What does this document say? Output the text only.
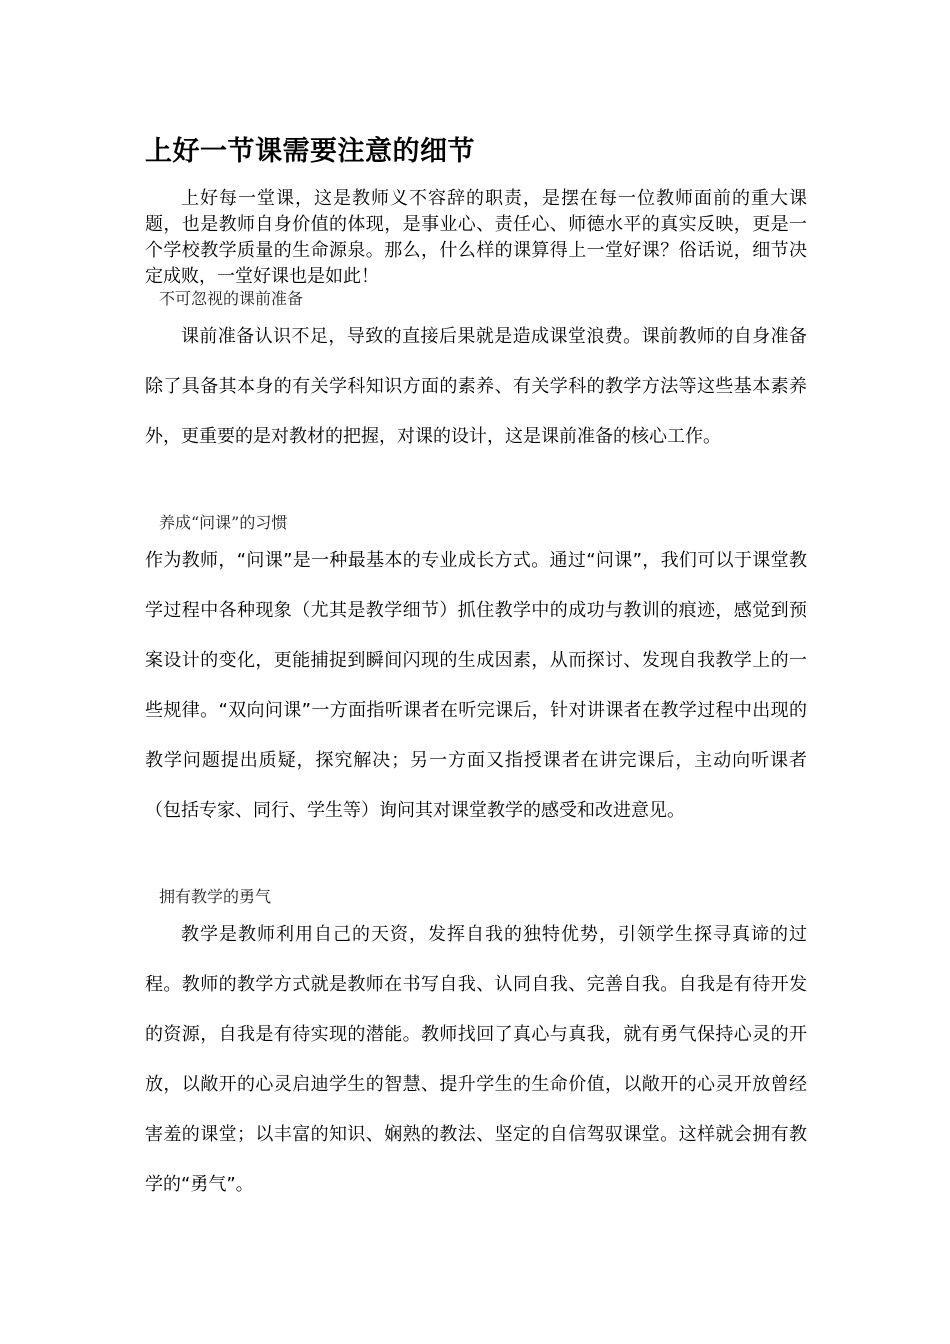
上好一节课需要注意的细节

上好每一堂课，这是教师义不容辞的职责，是摆在每一位教师面前的重大课题，也是教师自身价值的体现，是事业心、责任心、师德水平的真实反映，更是一个学校教学质量的生命源泉。那么，什么样的课算得上一堂好课？俗话说，细节决定成败，一堂好课也是如此！

不可忽视的课前准备

课前准备认识不足，导致的直接后果就是造成课堂浪费。课前教师的自身准备除了具备其本身的有关学科知识方面的素养、有关学科的教学方法等这些基本素养外，更重要的是对教材的把握，对课的设计，这是课前准备的核心工作。

养成“问课”的习惯

作为教师，“问课”是一种最基本的专业成长方式。通过“问课”，我们可以于课堂教学过程中各种现象（尤其是教学细节）抓住教学中的成功与教训的痕迹，感觉到预案设计的变化，更能捕捉到瞬间闪现的生成因素，从而探讨、发现自我教学上的一些规律。“双向问课”一方面指听课者在听完课后，针对讲课者在教学过程中出现的教学问题提出质疑，探究解决；另一方面又指授课者在讲完课后，主动向听课者（包括专家、同行、学生等）询问其对课堂教学的感受和改进意见。

拥有教学的勇气

教学是教师利用自己的天资，发挥自我的独特优势，引领学生探寻真谛的过程。教师的教学方式就是教师在书写自我、认同自我、完善自我。自我是有待开发的资源，自我是有待实现的潜能。教师找回了真心与真我，就有勇气保持心灵的开放，以敞开的心灵启迪学生的智慧、提升学生的生命价值，以敞开的心灵开放曾经害羞的课堂；以丰富的知识、娴熟的教法、坚定的自信驾驭课堂。这样就会拥有教学的“勇气”。
